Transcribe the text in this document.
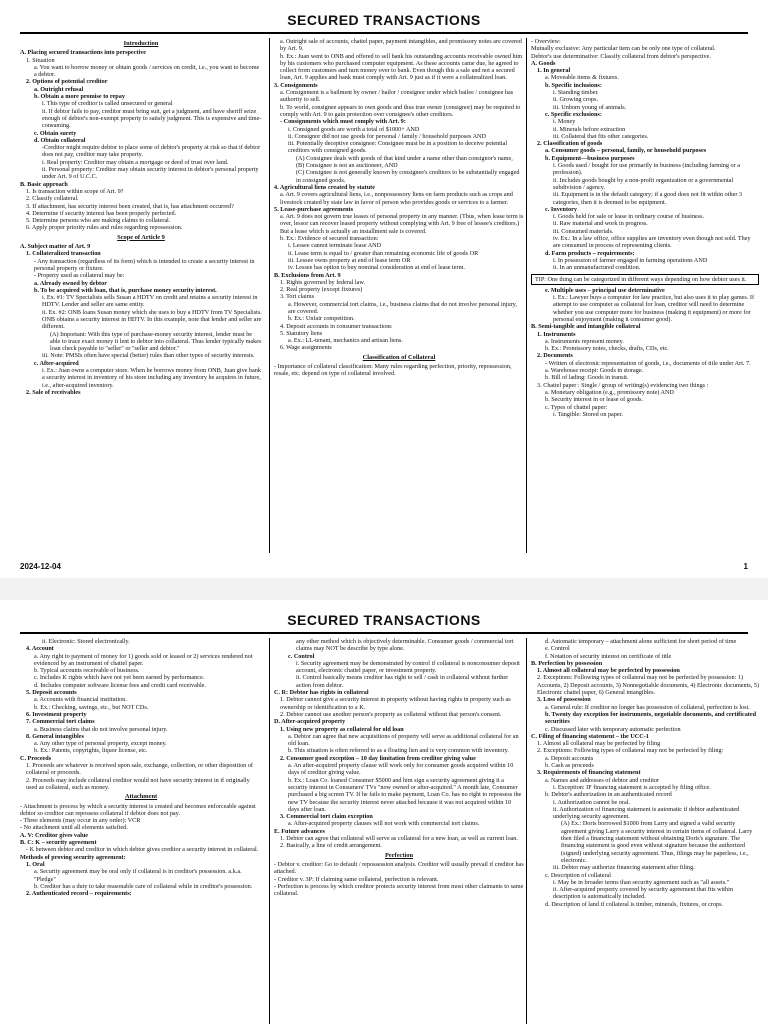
SECURED TRANSACTIONS
Introduction
A. Placing secured transactions into perspective
1. Situation
a. You want to borrow money or obtain goods / services on credit, i.e., you want to become a debtor.
2. Options of potential creditor
a. Outright refusal
b. Obtain a more promise to repay
i. This type of creditor is called unsecured or general
ii. If debtor fails to pay, creditor must bring suit, get a judgment, and have sheriff seize enough of debtor's non-exempt property to satisfy judgment. This is expensive and time-consuming.
c. Obtain surety
d. Obtain collateral
-Creditor might require debtor to place some of debtor's property at risk so that if debtor does not pay, creditor may take property.
i. Real property: Creditor may obtain a mortgage or deed of trust over land.
ii. Personal property: Creditor may obtain security interest in debtor's personal property under Art. 9 of U.C.C.
B. Basic approach
1. Is transaction within scope of Art. 9?
2. Classify collateral.
3. If attachment, has security interest been created, that is, has attachment occurred?
4. Determine if security interest has been properly perfected.
5. Determine persons who are making claims to collateral.
6. Apply proper priority rules and rules regarding repossession.
Scope of Article 9
A. Subject matter of Art. 9
1. Collateralized transaction
- Any transaction (regardless of its form) which is intended to create a security interest in personal property or fixture.
- Property used as collateral may be:
a. Already owned by debtor
b. To be acquired with loan, that is, purchase money security interest.
i. Ex. #1: TV Specialists sells Susan a HDTV on credit and retains a security interest in HDTV. Lender and seller are same entity.
ii. Ex. #2: ONB loans Susan money which she uses to buy a HDTV from TV Specialists. ONB obtains a security interest in HDTV. In this example, note that lender and seller are different.
(A) Important: With this type of purchase-money security interest, lender must be able to trace exact money it lent to debtor into collateral. Thus lender typically makes loan check payable to "seller" or "seller and debtor."
iii. Note: PMSIs often have special (better) rules than other types of security interests.
c. After-acquired
i. Ex.: Juan owns a computer store. When he borrows money from ONB, Juan give bank a security interest in inventory of his store including any inventory he acquires in future, i.e., after-acquired inventory.
2. Sale of receivables
a. Outright sale of accounts, chattel paper, payment intangibles, and promissory notes are covered by Art. 9.
b. Ex.: Juan went to ONB and offered to sell bank his outstanding accounts receivable owned him by his customers who purchased computer equipment. As these accounts came due, he agreed to collect from customers and turn money over to bank. Even though this a sale and not a secured loan, Art. 9 applies and bank must comply with Art. 9 just as if it were a collateralized loan.
3. Consignments
a. Consignment is a bailment by owner / bailor / consignor under which bailee / consignee has authority to sell.
b. To world, consignee appears to own goods and thus true owner (consignor) may be required to comply with Art. 9 to gain protection over consignee's other creditors.
- Consignments which must comply with Art. 9:
i. Consigned goods are worth a total of $1000+ AND
ii. Consignor did not use goods for personal / family / household purposes AND
iii. Potentially deceptive consignee: Consignee must be in a position to deceive potential creditors with consigned goods.
(A) Consignee deals with goods of that kind under a name other than consignor's name,
(B) Consignee is not an auctioneer, AND
(C) Consignee is not generally known by consignee's creditors to be substantially engaged in consigned goods.
4. Agricultural liens created by statute
a. Art. 9 covers agricultural liens, i.e., nonpossessory liens on farm products such as crops and livestock created by state law in favor of person who provides goods or services to a farmer.
5. Lease-purchase agreements
a. Art. 9 does not govern true leases of personal property in any manner. (Thus, when lease term is over, lessor can recover leased property without complying with Art. 9 free of lessee's creditors.) But a lease which is actually an installment sale is covered.
b. Ex.: Evidence of secured transaction:
i. Lessee cannot terminate lease AND
ii. Lease term is equal to / greater than remaining economic life of goods OR
iii. Lessee owns property at end of lease term OR
iv. Lessee has option to buy nominal consideration at end of lease term.
B. Exclusions from Art. 9
1. Rights governed by federal law.
2. Real property (except fixtures)
3. Tort claims
a. However, commercial tort claims, i.e., business claims that do not involve personal injury, are covered.
b. Ex.: Unfair competition.
4. Deposit accounts in consumer transactions
5. Statutory liens
a. Ex.: LL-tenant, mechanics and artisan liens.
6. Wage assignments
Classification of Collateral
- Importance of collateral classification: Many rules regarding perfection, priority, repossession, resale, etc. depend on type of collateral involved.
- Overview:
Mutually exclusive: Any particular item can be only one type of collateral.
Debtor's use determinative: Classify collateral from debtor's perspective.
A. Goods
1. In general
a. Moveable items & fixtures.
b. Specific inclusions:
i. Standing timber.
ii. Growing crops.
iii. Unborn young of animals.
c. Specific exclusions:
i. Money
ii. Minerals before extraction
iii. Collateral that fits other categories.
2. Classification of goods
a. Consumer goods – personal, family, or household purposes
b. Equipment—business purposes
i. Goods used / bought for use primarily in business (including farming or a profession).
ii. Includes goods bought by a non-profit organization or a governmental subdivision / agency.
iii. Equipment is in the default category; if a good does not fit within other 3 categories, then it is deemed to be equipment.
c. Inventory
i. Goods held for sale or lease in ordinary course of business.
ii. Raw material and work in progress.
iii. Consumed materials.
iv. Ex.: In a law office, office supplies are inventory even though not sold. They are consumed in process of representing clients.
d. Farm products – requirements:
i. In possession of farmer engaged in farming operations AND
ii. In an unmanufactured condition.
TIP: One thing can be categorized in different ways depending on how debtor uses it.
e. Multiple uses – principal use determinative
i. Ex.: Lawyer buys a computer for law practice, but also uses it to play games. If attempt to use computer as collateral for loan, creditor will need to determine whether you use computer more for business (making it equipment) or more for personal enjoyment (making it consumer good).
B. Semi-tangible and intangible collateral
1. Instruments
a. Instruments represent money.
b. Ex.: Promissory notes, checks, drafts, CDs, etc.
2. Documents
- Written of electronic representation of goods, i.e., documents of title under Art. 7.
a. Warehouse receipt: Goods in storage.
b. Bill of lading: Goods in transit.
3. Chattel paper : Single / group of writing(s) evidencing two things :
a. Monetary obligation (e.g., promissory note) AND
b. Security interest in or lease of goods.
c. Types of chattel paper:
i. Tangible: Stored on paper.
2024-12-04	1
SECURED TRANSACTIONS
ii. Electronic: Stored electronically.
4. Account
a. Any right to payment of money for 1) goods sold or leased or 2) services rendered not evidenced by an instrument of chattel paper.
b. Typical accounts receivable of business.
c. Includes K rights which have not yet been earned by performance.
d. Includes computer software license fees and credit card receivable.
5. Deposit accounts
a. Accounts with financial institution.
b. Ex.: Checking, savings, etc., but NOT CDs.
6. Investment property
7. Commercial tort claims
a. Business claims that do not involve personal injury.
8. General intangibles
a. Any other type of personal property, except money.
b. Ex.: Patents, copyrights, liquor license, etc.
C. Proceeds
1. Proceeds are whatever is received upon sale, exchange, collection, or other disposition of collateral or proceeds.
2. Proceeds may include collateral creditor would not have security interest in if originally used as collateral, such as money.
Attachment
- Attachment is process by which a security interest is created and becomes enforceable against debtor so creditor can repossess collateral if debtor does not pay.
- Three elements (may occur in any order): VCR
- No attachment until all elements satisfied.
A. V: Creditor gives value
B. C: K – security agreement
- K between debtor and creditor in which debtor gives creditor a security interest in collateral.
Methods of proving security agreement:
1. Oral
a. Security agreement may be oral only if collateral is in creditor's possession. a.k.a. "Pledge"
b. Creditor has a duty to take reasonable care of collateral while in creditor's possession.
2. Authenticated record – requirements:
any other method which is objectively determinable. Consumer goods / commercial tort claims may NOT be describe by type alone.
c. Control
i. Security agreement may be demonstrated by control if collateral is nonconsumer deposit account, electronic chattel paper, or investment property.
ii. Control basically means creditor has right to sell / cash in collateral without further action from debtor.
C. R: Debtor has rights in collateral
1. Debtor cannot give a security interest in property without having rights in property such as ownership or identification to a K.
2. Debtor cannot use another person's property as collateral without that person's consent.
D. After-acquired property
1. Using new property as collateral for old loan
a. Debtor can agree that new acquisitions of property will serve as additional collateral for an old loan.
b. This situation is often referred to as a floating lien and is very common with inventory.
2. Consumer good exception – 10 day limitation from creditor giving value
a. An after-acquired property clause will work only for consumer goods acquired within 10 days of creditor giving value.
b. Ex.: Loan Co. loaned Consumer $5000 and him sign a security agreement giving it a security interest in Consumers' TVs "now owned or after-acquired." A month late, Consumer purchased a big screen TV. If he fails to make payment, Loan Co. has no right to repossess the new TV because the security interest never attached because it was not acquired within 10 days after loan.
3. Commercial tort claim exception
a. After-acquired property clauses will not work with commercial tort claims.
E. Future advances
1. Debtor can agree that collateral will serve as collateral for a new loan, as well as current loan.
2. Basically, a line of credit arrangement.
Perfection
- Debtor v. creditor: Go to default / repossession analysis. Creditor will usually prevail if creditor has attached.
- Creditor v. 3P: If claiming same collateral, perfection is relevant.
- Perfection is process by which creditor protects security interest from most other claimants to same collateral.
d. Automatic temporary – attachment alone sufficient for short period of time
e. Control
f. Notation of security interest on certificate of title
B. Perfection by possession
1. Almost all collateral may be perfected by possession
2. Exceptions: Following types of collateral may not be perfected by possession: 1) Accounts, 2) Deposit accounts, 3) Nonnegotiable documents, 4) Electronic documents, 5) Electronic chattel paper, 6) General intangibles.
3. Loss of possession
a. General rule: If creditor no longer has possession of collateral, perfection is lost.
b. Twenty day exception for instruments, negotiable documents, and certificated securities
c. Discussed later with temporary automatic perfection
C. Filing of financing statement – the UCC-1
1. Almost all collateral may be perfected by filing
2. Exceptions: Following types of collateral may not be perfected by filing:
a. Deposit accounts
b. Cash as proceeds
3. Requirements of financing statement
a. Names and addresses of debtor and creditor
i. Exception: IF financing statement is accepted by filing office.
b. Debtor's authorization in an authenticated record
i. Authorization cannot be oral.
ii. Authorization of financing statement is automatic if debtor authenticated underlying security agreement.
(A) Ex.: Doris borrowed $1000 from Larry and signed a valid security agreement giving Larry a security interest in certain items of collateral. Larry then filed a financing statement without obtaining Doris's signature. The financing statement is good even without signature because the authorized (signed) underlying security agreement. Thus, filings may be paperless, i.e., electronic.
iii. Debtor may authorize financing statement after filing.
c. Description of collateral
i. May be in broader terms than security agreement such as "all assets."
ii. After-acquired property covered by security agreement that fits within description is automatically included.
d. Description of land if collateral is timber, minerals, fixtures, or crops.
